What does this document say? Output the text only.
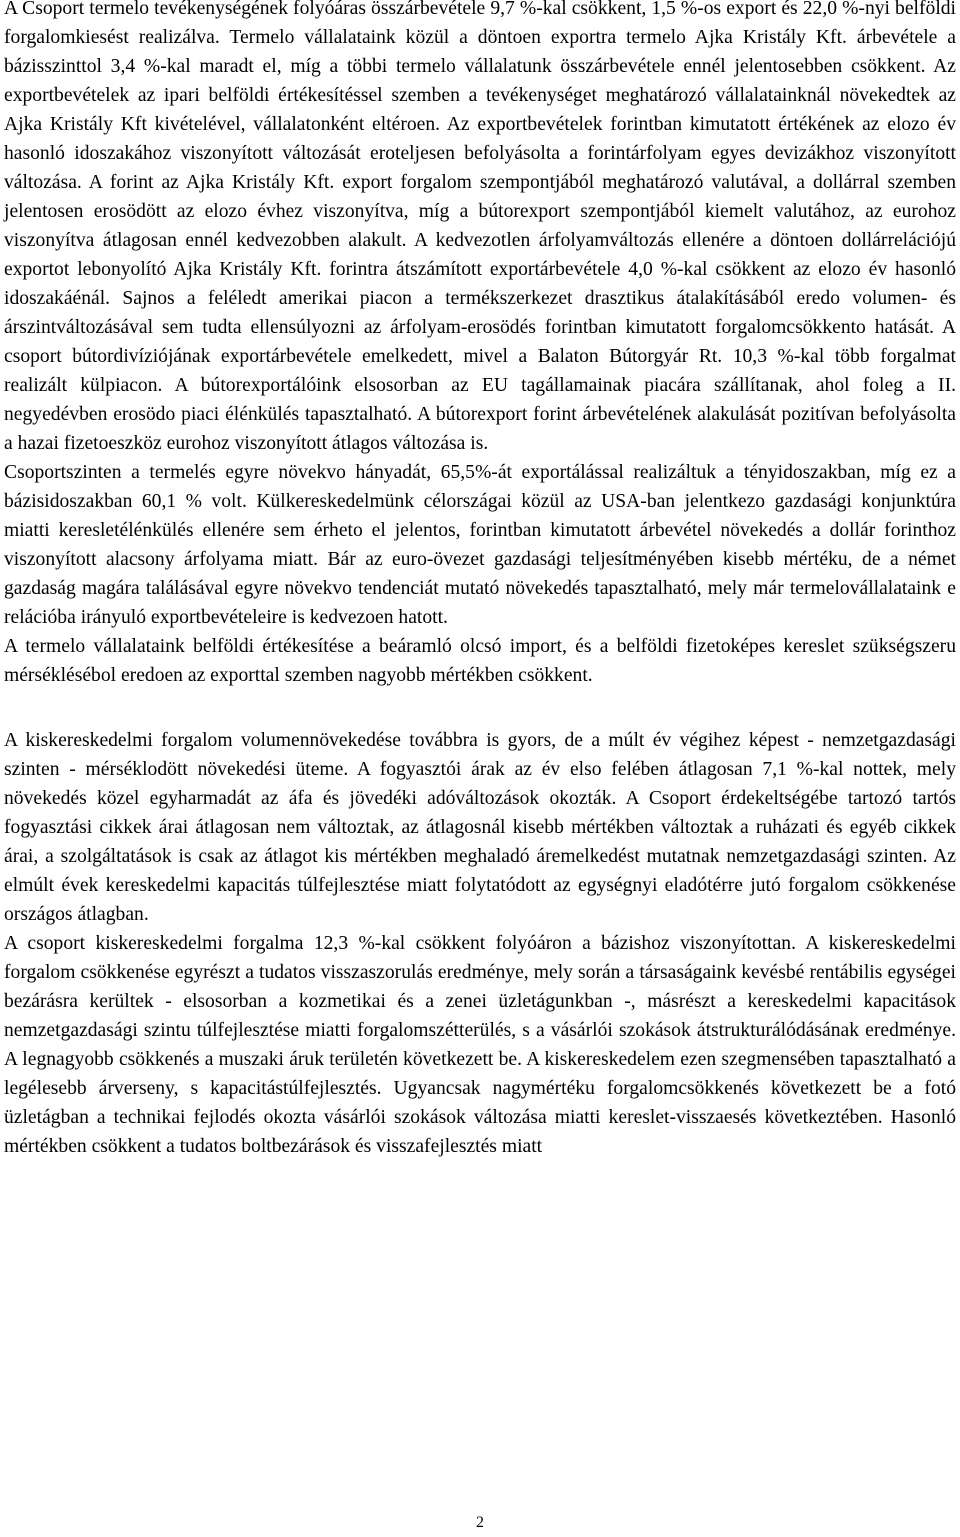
A Csoport termelo tevékenységének folyóáras összárbevétele 9,7 %-kal csökkent, 1,5 %-os export és 22,0 %-nyi belföldi forgalomkiesést realizálva. Termelo vállalataink közül a döntoen exportra termelo Ajka Kristály Kft. árbevétele a bázisszinttol 3,4 %-kal maradt el, míg a többi termelo vállalatunk összárbevétele ennél jelentosebben csökkent. Az exportbevételek az ipari belföldi értékesítéssel szemben a tevékenységet meghatározó vállalatainknál növekedtek az Ajka Kristály Kft kivételével, vállalatonként eltéroen. Az exportbevételek forintban kimutatott értékének az elozo év hasonló idoszakához viszonyított változását eroteljesen befolyásolta a forintárfolyam egyes devizákhoz viszonyított változása. A forint az Ajka Kristály Kft. export forgalom szempontjából meghatározó valutával, a dollárral szemben jelentosen erosödött az elozo évhez viszonyítva, míg a bútorexport szempontjából kiemelt valutához, az eurohoz viszonyítva átlagosan ennél kedvezobben alakult. A kedvezotlen árfolyamváltozás ellenére a döntoen dollárrelációjú exportot lebonyolító Ajka Kristály Kft. forintra átszámított exportárbevétele 4,0 %-kal csökkent az elozo év hasonló idoszakáénál. Sajnos a feléledt amerikai piacon a termékszerkezet drasztikus átalakításából eredo volumen- és árszintváltozásával sem tudta ellensúlyozni az árfolyam-erosödés forintban kimutatott forgalomcsökkento hatását. A csoport bútordivíziójának exportárbevétele emelkedett, mivel a Balaton Bútorgyár Rt. 10,3 %-kal több forgalmat realizált külpiacon. A bútorexportálóink elsosorban az EU tagállamainak piacára szállítanak, ahol foleg a II. negyedévben erosödo piaci élénkülés tapasztalható. A bútorexport forint árbevételének alakulását pozitívan befolyásolta a hazai fizetoeszköz eurohoz viszonyított átlagos változása is.

Csoportszinten a termelés egyre növekvo hányadát, 65,5%-át exportálással realizáltuk a tényidoszakban, míg ez a bázisidoszakban 60,1 % volt. Külkereskedelmünk célországai közül az USA-ban jelentkezo gazdasági konjunktúra miatti keresletélénkülés ellenére sem érheto el jelentos, forintban kimutatott árbevétel növekedés a dollár forinthoz viszonyított alacsony árfolyama miatt. Bár az euro-övezet gazdasági teljesítményében kisebb mértéku, de a német gazdaság magára találásával egyre növekvo tendenciát mutató növekedés tapasztalható, mely már termelovállalataink e relációba irányuló exportbevételeire is kedvezoen hatott.

A termelo vállalataink belföldi értékesítése a beáramló olcsó import, és a belföldi fizetoképes kereslet szükségszeru mérséklésébol eredoen az exporttal szemben nagyobb mértékben csökkent.

A kiskereskedelmi forgalom volumennövekedése továbbra is gyors, de a múlt év végihez képest - nemzetgazdasági szinten - mérséklodött növekedési üteme. A fogyasztói árak az év elso felében átlagosan 7,1 %-kal nottek, mely növekedés közel egyharmadát az áfa és jövedéki adóváltozások okozták. A Csoport érdekeltségébe tartozó tartós fogyasztási cikkek árai átlagosan nem változtak, az átlagosnál kisebb mértékben változtak a ruházati és egyéb cikkek árai, a szolgáltatások is csak az átlagot kis mértékben meghaladó áremelkedést mutatnak nemzetgazdasági szinten. Az elmúlt évek kereskedelmi kapacitás túlfejlesztése miatt folytatódott az egységnyi eladótérre jutó forgalom csökkenése országos átlagban.

A csoport kiskereskedelmi forgalma 12,3 %-kal csökkent folyóáron a bázishoz viszonyítottan. A kiskereskedelmi forgalom csökkenése egyrészt a tudatos visszaszorulás eredménye, mely során a társaságaink kevésbé rentábilis egységei bezárásra kerültek - elsosorban a kozmetikai és a zenei üzletágunkban -, másrészt a kereskedelmi kapacitások nemzetgazdasági szintu túlfejlesztése miatti forgalomszétterülés, s a vásárlói szokások átstrukturálódásának eredménye. A legnagyobb csökkenés a muszaki áruk területén következett be. A kiskereskedelem ezen szegmensében tapasztalható a legélesebb árverseny, s kapacitástúlfejlesztés. Ugyancsak nagymértéku forgalomcsökkenés következett be a fotó üzletágban a technikai fejlodés okozta vásárlói szokások változása miatti kereslet-visszaesés következtében. Hasonló mértékben csökkent a tudatos boltbezárások és visszafejlesztés miatt

2
